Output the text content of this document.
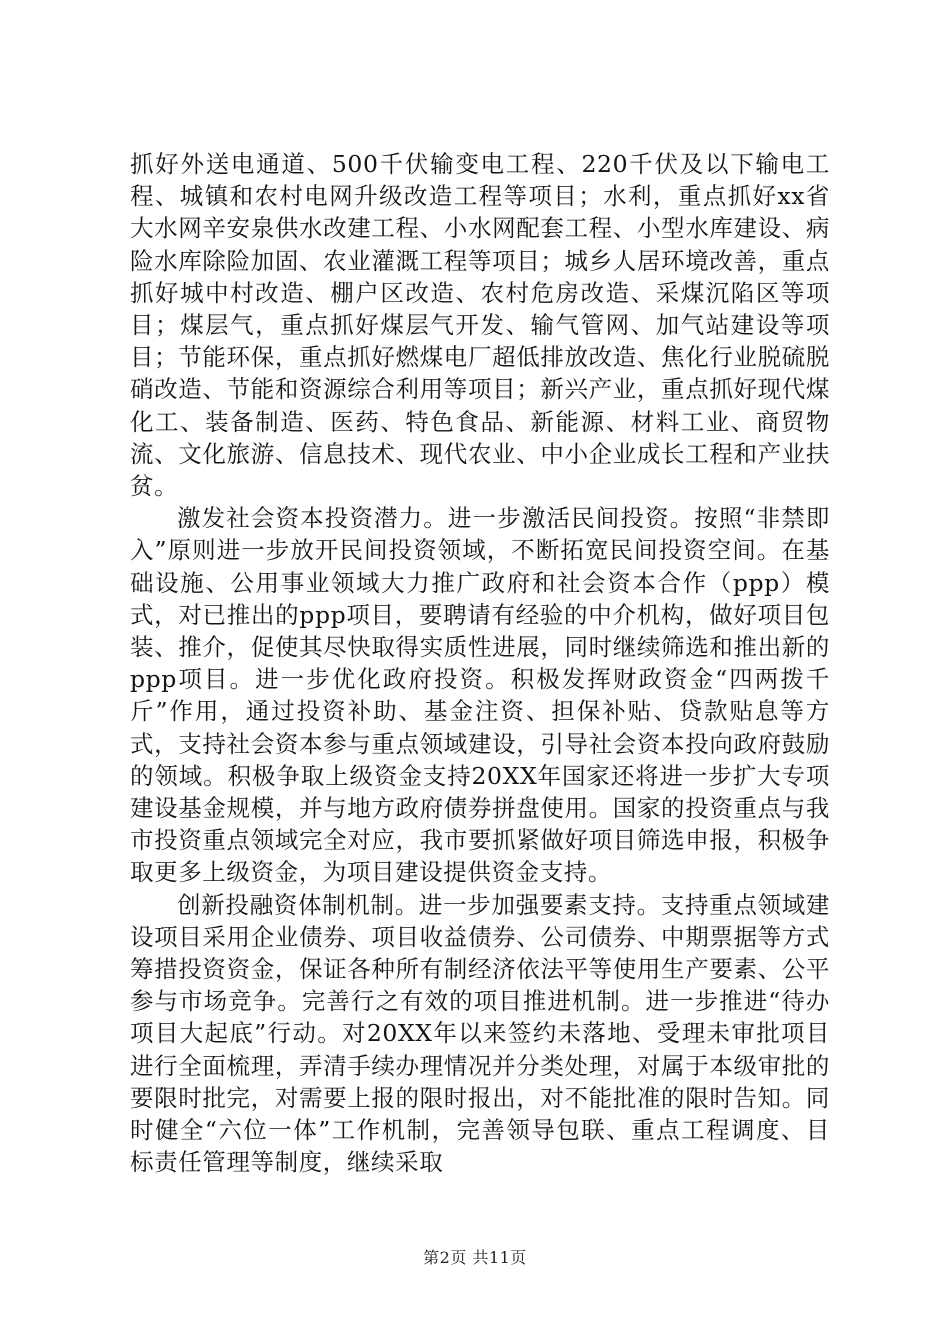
抓好外送电通道、500千伏输变电工程、220千伏及以下输电工程、城镇和农村电网升级改造工程等项目；水利，重点抓好xx省大水网辛安泉供水改建工程、小水网配套工程、小型水库建设、病险水库除险加固、农业灌溉工程等项目；城乡人居环境改善，重点抓好城中村改造、棚户区改造、农村危房改造、采煤沉陷区等项目；煤层气，重点抓好煤层气开发、输气管网、加气站建设等项目；节能环保，重点抓好燃煤电厂超低排放改造、焦化行业脱硫脱硝改造、节能和资源综合利用等项目；新兴产业，重点抓好现代煤化工、装备制造、医药、特色食品、新能源、材料工业、商贸物流、文化旅游、信息技术、现代农业、中小企业成长工程和产业扶贫。

激发社会资本投资潜力。进一步激活民间投资。按照“非禁即入”原则进一步放开民间投资领域，不断拓宽民间投资空间。在基础设施、公用事业领域大力推广政府和社会资本合作（ppp）模式，对已推出的ppp项目，要聘请有经验的中介机构，做好项目包装、推介，促使其尽快取得实质性进展，同时继续筛选和推出新的ppp项目。进一步优化政府投资。积极发挥财政资金“四两拨千斤”作用，通过投资补助、基金注资、担保补贴、贷款贴息等方式，支持社会资本参与重点领域建设，引导社会资本投向政府鼓励的领域。积极争取上级资金支持20XX年国家还将进一步扩大专项建设基金规模，并与地方政府债券拼盘使用。国家的投资重点与我市投资重点领域完全对应，我市要抓紧做好项目筛选申报，积极争取更多上级资金，为项目建设提供资金支持。

创新投融资体制机制。进一步加强要素支持。支持重点领域建设项目采用企业债券、项目收益债券、公司债券、中期票据等方式筹措投资资金，保证各种所有制经济依法平等使用生产要素、公平参与市场竞争。完善行之有效的项目推进机制。进一步推进“待办项目大起底”行动。对20XX年以来签约未落地、受理未审批项目进行全面梳理，弄清手续办理情况并分类处理，对属于本级审批的要限时批完，对需要上报的限时报出，对不能批准的限时告知。同时健全“六位一体”工作机制，完善领导包联、重点工程调度、目标责任管理等制度，继续采取

第2页 共11页
